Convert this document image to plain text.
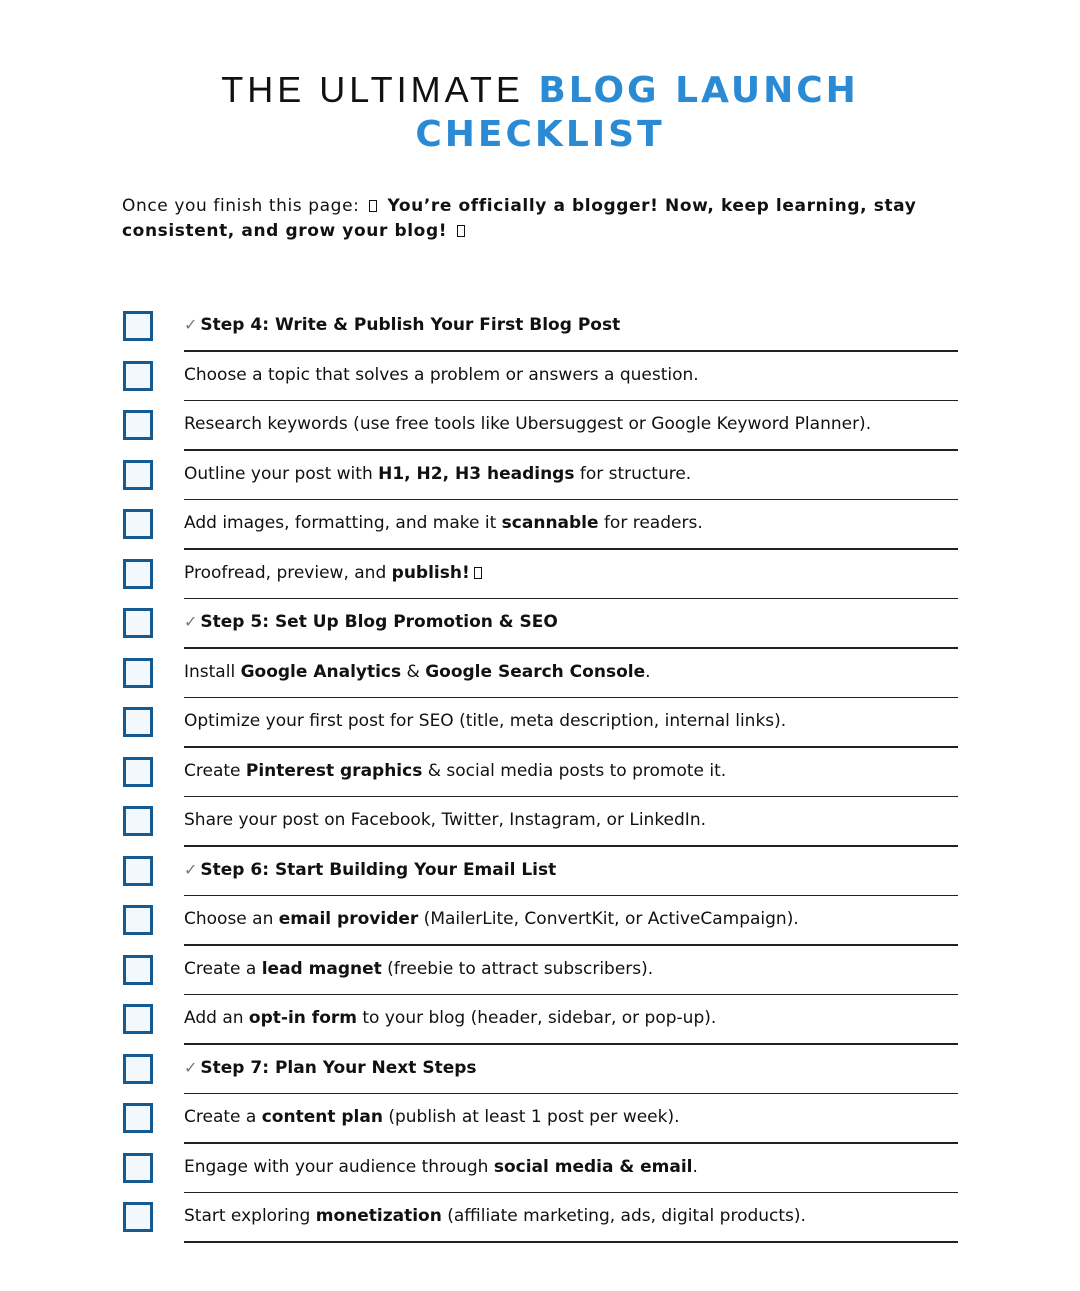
THE ULTIMATE BLOG LAUNCH
CHECKLIST
Once you finish this page: You’re officially a blogger! Now, keep learning, stay consistent, and grow your blog!
✓ Step 4: Write & Publish Your First Blog Post
Choose a topic that solves a problem or answers a question.
Research keywords (use free tools like Ubersuggest or Google Keyword Planner).
Outline your post with H1, H2, H3 headings for structure.
Add images, formatting, and make it scannable for readers.
Proofread, preview, and publish!
✓ Step 5: Set Up Blog Promotion & SEO
Install Google Analytics & Google Search Console.
Optimize your first post for SEO (title, meta description, internal links).
Create Pinterest graphics & social media posts to promote it.
Share your post on Facebook, Twitter, Instagram, or LinkedIn.
✓ Step 6: Start Building Your Email List
Choose an email provider (MailerLite, ConvertKit, or ActiveCampaign).
Create a lead magnet (freebie to attract subscribers).
Add an opt-in form to your blog (header, sidebar, or pop-up).
✓ Step 7: Plan Your Next Steps
Create a content plan (publish at least 1 post per week).
Engage with your audience through social media & email.
Start exploring monetization (affiliate marketing, ads, digital products).
